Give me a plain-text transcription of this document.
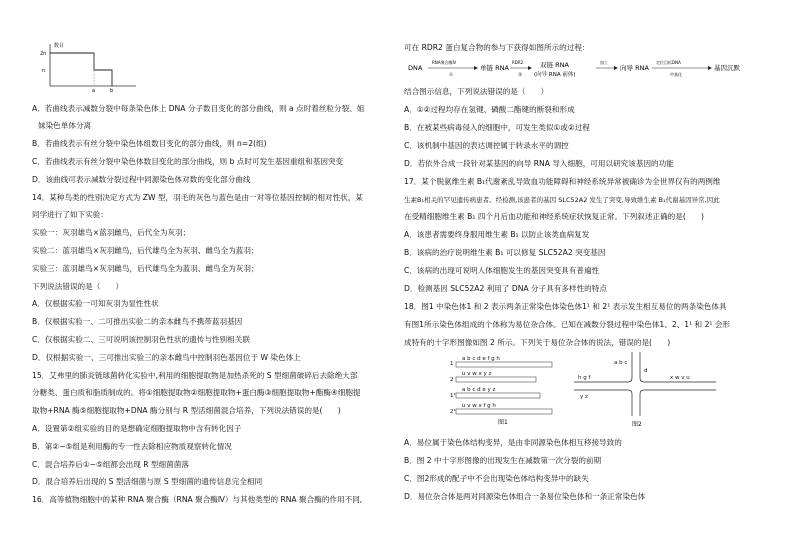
数目
2n
n
a	b
A．若曲线表示减数分裂中每条染色体上 DNA 分子数目变化的部分曲线，则 a 点时着丝粒分裂、姐
妹染色单体分离
B．若曲线表示有丝分裂中染色体组数目变化的部分曲线，则 n=2(组)
C．若曲线表示有丝分裂中染色体数目变化的部分曲线，则 b 点时可发生基因重组和基因突变
D．该曲线可表示减数分裂过程中同源染色体对数的变化部分曲线
14．某种鸟类的性别决定方式为 ZW 型，羽毛的灰色与蓝色是由一对等位基因控制的相对性状，某
同学进行了如下实验：
实验一：灰羽雄鸟×蓝羽雌鸟，后代全为灰羽；
实验二：蓝羽雄鸟×灰羽雌鸟，后代雄鸟全为灰羽、雌鸟全为蓝羽；
实验三：蓝羽雄鸟×灰羽雌鸟，后代雄鸟全为蓝羽、雌鸟全为灰羽；
下列说法错误的是（　　）
A．仅根据实验一可知灰羽为显性性状
B．仅根据实验一、二可推出实验二的亲本雌鸟不携带蓝羽基因
C．仅根据实验二、三可说明该控制羽色性状的遗传与性别相关联
D．仅根据实验一、三可推出实验三的亲本雌鸟中控制羽色基因位于 W 染色体上
15．艾弗里的肺炎链球菌转化实验中,利用的细胞提取物是加热杀死的 S 型细菌破碎后去除绝大部
分糖类、蛋白质和脂质制成的。将①细胞提取物②细胞提取物+蛋白酶③细胞提取物+酯酶④细胞提
取物+RNA 酶⑤细胞提取物+DNA 酶分别与 R 型活细菌混合培养，下列说法错误的是(　　)
A．设置第②组实验的目的是想确定细胞提取物中含有转化因子
B．第②~⑤组是利用酶的专一性去除相应物质观察转化情况
C．混合培养后①~⑤组都会出现 R 型细菌菌落
D．混合培养后出现的 S 型活细菌与原 S 型细菌的遗传信息完全相同
16．高等植物细胞中的某种 RNA 聚合酶（RNA 聚合酶Ⅳ）与其他类型的 RNA 聚合酶的作用不同,
可在 RDR2 蛋白复合物的参与下获得如图所示的过程：
DNA
RNA聚合酶Ⅳ
①
单链 RNA
RDR2
②
双链 RNA
(向导 RNA 前体)
加工
向导 RNA
定位目标DNA
甲基化
基因沉默
结合图示信息，下列说法错误的是（　　）
A．①②过程均存在氢键、磷酸二酯键的断裂和形成
B．在被某些病毒侵入的细胞中，可发生类似①或②过程
C．该机制中基因的表达调控属于转录水平的调控
D．若依外合成一段针对某基因的向导 RNA 导入细胞，可用以研究该基因的功能
17．某个脱氨维生素 B₁代谢紊乱导致血功能障碍和神经系统异常被确诊为全世界仅有的两例维
生素B₁相关的罕见遗传病患者。经检测,该患者的基因 SLC52A2 发生了突变,导致维生素 B₁代谢基因异常,因此
在受精细胞维生素 B₁ 四个月后血功能和神经系统症状恢复正常。下列叙述正确的是(　　)
A．该患者需要终身服用维生素 B₁ 以防止该类血病复发
B．该病的治疗说明维生素 B₁ 可以修复 SLC52A2 突变基因
C．该病的出现可说明人体细胞发生的基因突变具有普遍性
D．检测基因 SLC52A2 利用了 DNA 分子具有多样性的特点
18．图1 中染色体1 和 2 表示两条正常染色体染色体1¹ 和 2¹ 表示发生相互易位的两条染色体具
有图1所示染色体组成的个体称为易位杂合体。已知在减数分裂过程中染色体1、2、1¹ 和 2¹ 会形
成特有的十字形图像如图 2 所示。下列关于易位杂合体的说法，错误的是(　　)
1
a b c d e f g h
2
u v w x y z
1¹
a b c d e y z
2¹
u v w x f g h
图1
a b c
d
h g f
y z
x w v u
图2
A．易位属于染色体结构变异，是由非同源染色体相互移接导致的
B．图 2 中十字形图像的出现发生在减数第一次分裂的前期
C．图2形成的配子中不会出现染色体结构变异中的缺失
D．易位杂合体是两对同源染色体组合一条易位染色体和一条正常染色体
